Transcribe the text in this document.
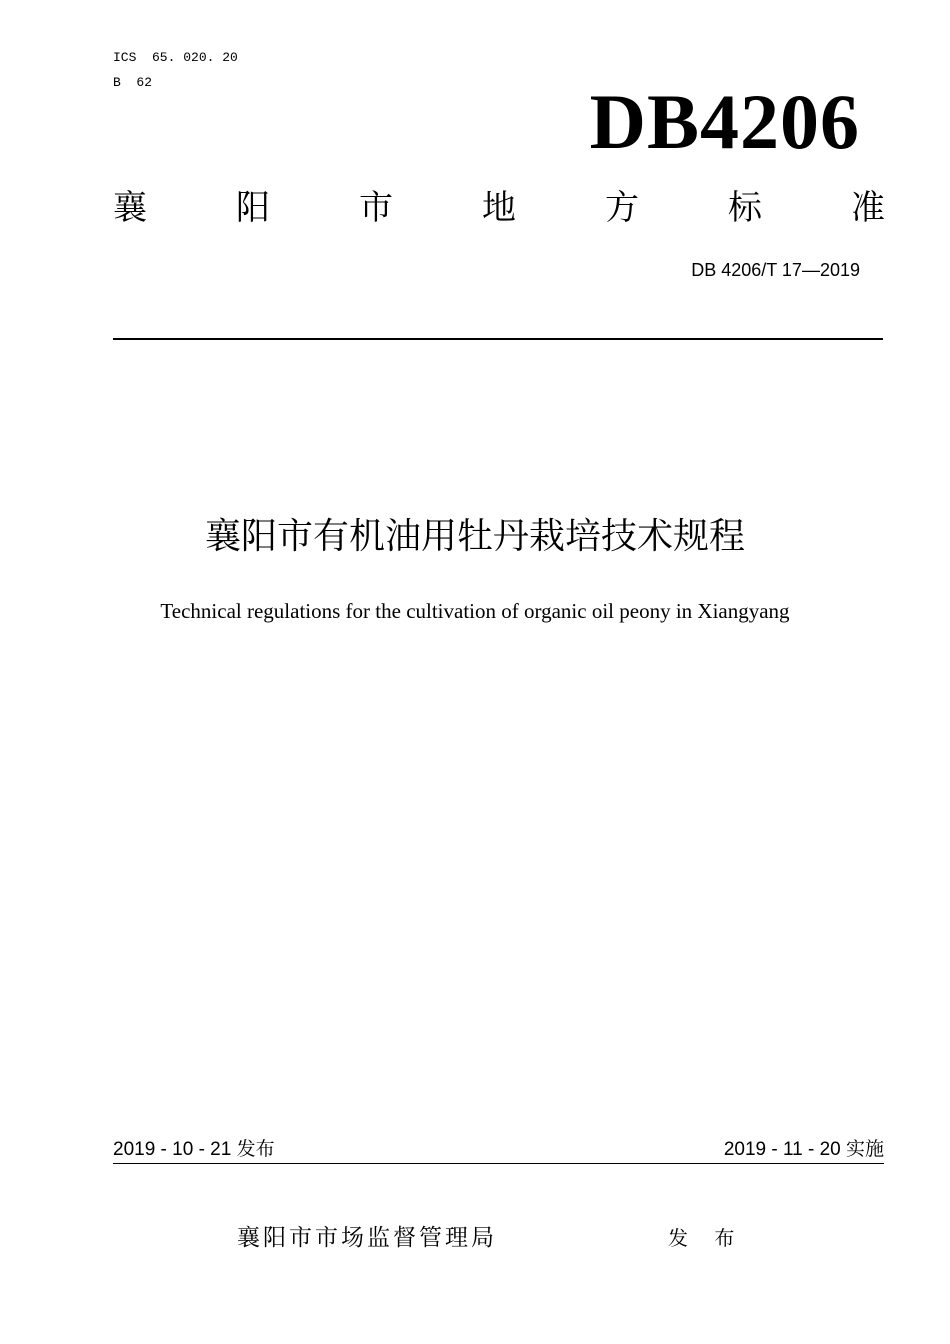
ICS  65. 020. 20
B  62	DB4206
襄	阳	市	地	方	标	准
DB 4206/T 17—2019
襄阳市有机油用牡丹栽培技术规程
Technical regulations for the cultivation of organic oil peony in Xiangyang
2019 - 10 - 21 发布	2019 - 11 - 20 实施
襄阳市市场监督管理局	发 布
